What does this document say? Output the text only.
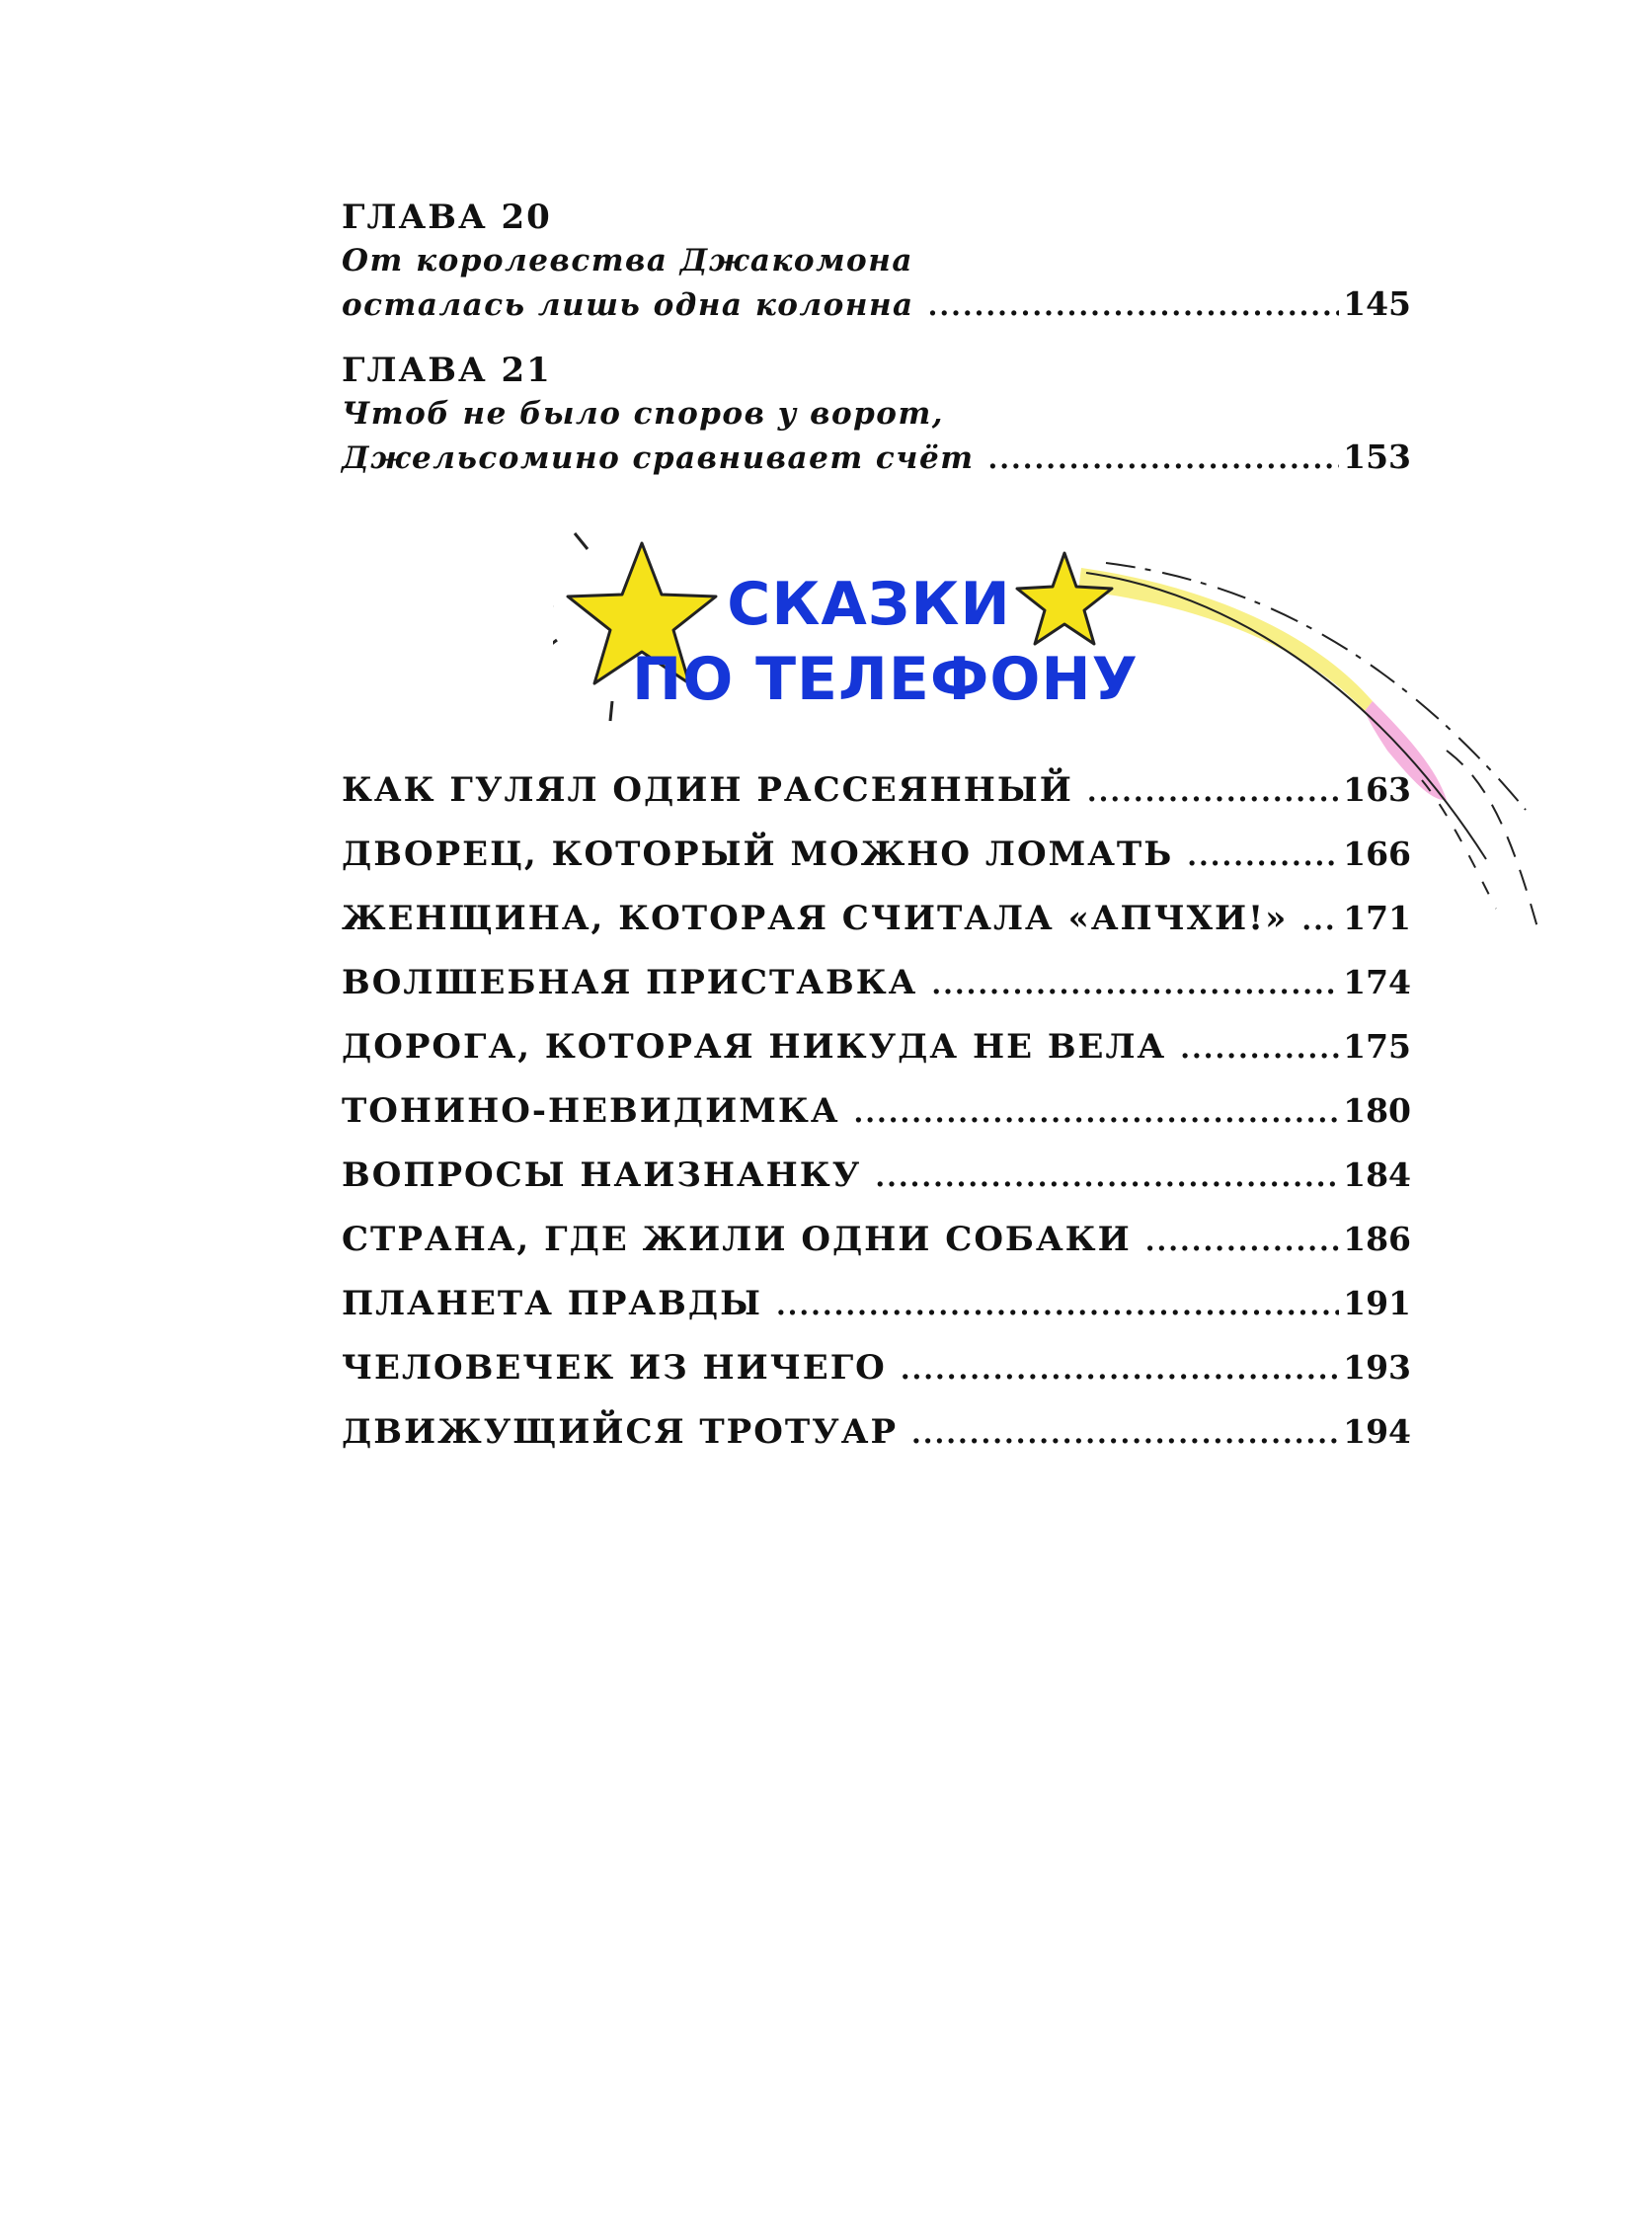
ГЛАВА 20
От королевства Джакомона
осталась лишь одна колонна .....	145
ГЛАВА 21
Чтоб не было споров у ворот,
Джельсомино сравнивает счёт .....	153
СКАЗКИ
ПО ТЕЛЕФОНУ
КАК ГУЛЯЛ ОДИН РАССЕЯННЫЙ .....	163
ДВОРЕЦ, КОТОРЫЙ МОЖНО ЛОМАТЬ .....	166
ЖЕНЩИНА, КОТОРАЯ СЧИТАЛА «АПЧХИ!» ..... 171
ВОЛШЕБНАЯ ПРИСТАВКА .....	174
ДОРОГА, КОТОРАЯ НИКУДА НЕ ВЕЛА .....	175
ТОНИНО-НЕВИДИМКА .....	180
ВОПРОСЫ НАИЗНАНКУ .....	184
СТРАНА, ГДЕ ЖИЛИ ОДНИ СОБАКИ .....	186
ПЛАНЕТА ПРАВДЫ .....	191
ЧЕЛОВЕЧЕК ИЗ НИЧЕГО .....	193
ДВИЖУЩИЙСЯ ТРОТУАР .....	194
